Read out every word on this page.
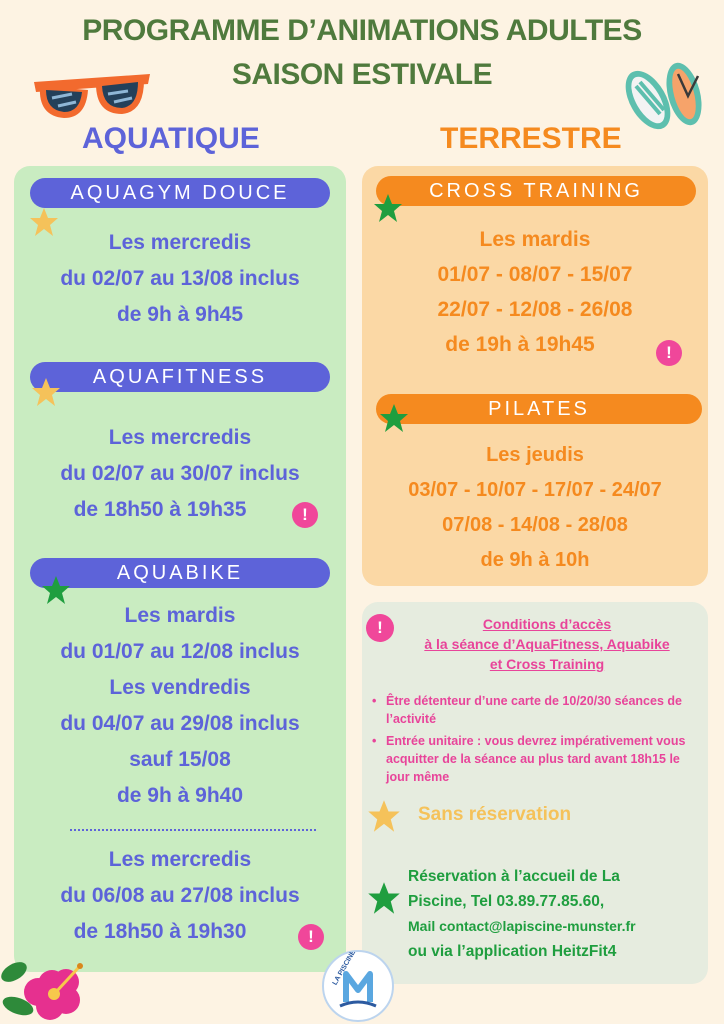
PROGRAMME D’ANIMATIONS ADULTES
SAISON ESTIVALE
AQUATIQUE	TERRESTRE
AQUAGYM DOUCE
Les mercredis
du 02/07 au 13/08 inclus
de 9h à 9h45
AQUAFITNESS
Les mercredis
du 02/07 au 30/07 inclus
de 18h50 à 19h35	!
AQUABIKE
Les mardis
du 01/07 au 12/08 inclus
Les vendredis
du 04/07 au 29/08 inclus
sauf 15/08
de 9h à 9h40
Les mercredis
du 06/08 au 27/08 inclus
de 18h50 à 19h30	!
CROSS TRAINING
Les mardis
01/07 - 08/07 - 15/07
22/07 - 12/08 - 26/08
de 19h à 19h45	!
PILATES
Les jeudis
03/07 - 10/07 - 17/07 - 24/07
07/08 - 14/08 - 28/08
de 9h à 10h
!	Conditions d’accès
à la séance d’AquaFitness, Aquabike
et Cross Training
• Être détenteur d’une carte de 10/20/30 séances de l’activité
• Entrée unitaire : vous devrez impérativement vous acquitter de la séance au plus tard avant 18h15 le jour même
Sans réservation
Réservation à l’accueil de La
Piscine, Tel 03.89.77.85.60,
Mail contact@lapiscine-munster.fr
ou via l’application HeitzFit4
LA PISCINE
